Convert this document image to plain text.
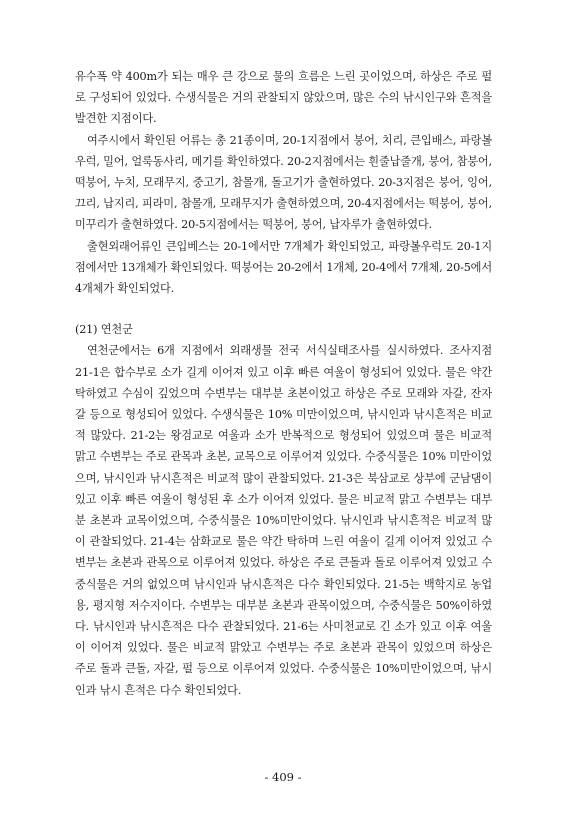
유수폭 약 400m가 되는 매우 큰 강으로 물의 흐름은 느린 곳이었으며, 하상은 주로 펄로 구성되어 있었다. 수생식물은 거의 관찰되지 않았으며, 많은 수의 낚시인구와 흔적을 발견한 지점이다.

여주시에서 확인된 어류는 총 21종이며, 20-1지점에서 붕어, 치리, 큰입배스, 파랑볼우럭, 밀어, 얼룩동사리, 메기를 확인하였다. 20-2지점에서는 흰줄납줄개, 붕어, 참붕어, 떡붕어, 누치, 모래무지, 중고기, 참몰개, 돌고기가 출현하였다. 20-3지점은 붕어, 잉어, 끄리, 납지리, 피라미, 참몰개, 모래무지가 출현하였으며, 20-4지점에서는 떡붕어, 붕어, 미꾸리가 출현하였다. 20-5지점에서는 떡붕어, 붕어, 납자루가 출현하였다.

출현외래어류인 큰입베스는 20-1에서만 7개체가 확인되었고, 파랑볼우럭도 20-1지점에서만 13개체가 확인되었다. 떡붕어는 20-2에서 1개체, 20-4에서 7개체, 20-5에서 4개체가 확인되었다.

(21) 연천군

연천군에서는 6개 지점에서 외래생물 전국 서식실태조사를 실시하였다. 조사지점 21-1은 합수부로 소가 길게 이어져 있고 이후 빠른 여울이 형성되어 있었다. 물은 약간 탁하였고 수심이 깊었으며 수변부는 대부분 초본이었고 하상은 주로 모래와 자갈, 잔자갈 등으로 형성되어 있었다. 수생식물은 10% 미만이었으며, 낚시인과 낚시흔적은 비교적 많았다. 21-2는 왕검교로 여울과 소가 반복적으로 형성되어 있었으며 물은 비교적 맑고 수변부는 주로 관목과 초본, 교목으로 이루어져 있었다. 수중식물은 10% 미만이었으며, 낚시인과 낚시흔적은 비교적 많이 관찰되었다. 21-3은 북삼교로 상부에 군남댐이 있고 이후 빠른 여울이 형성된 후 소가 이어져 있었다. 물은 비교적 맑고 수변부는 대부분 초본과 교목이었으며, 수중식물은 10%미만이었다. 낚시인과 낚시흔적은 비교적 많이 관찰되었다. 21-4는 삼화교로 물은 약간 탁하며 느린 여울이 길게 이어져 있었고 수변부는 초본과 관목으로 이루어져 있었다. 하상은 주로 큰돌과 돌로 이루어져 있었고 수중식물은 거의 없었으며 낚시인과 낚시흔적은 다수 확인되었다. 21-5는 백학지로 농업용, 평지형 저수지이다. 수변부는 대부분 초본과 관목이었으며, 수중식물은 50%이하였다. 낚시인과 낚시흔적은 다수 관찰되었다. 21-6는 사미천교로 긴 소가 있고 이후 여울이 이어져 있었다. 물은 비교적 맑았고 수변부는 주로 초본과 관목이 있었으며 하상은 주로 돌과 큰돌, 자갈, 펄 등으로 이루어져 있었다. 수중식물은 10%미만이었으며, 낚시인과 낚시 흔적은 다수 확인되었다.

- 409 -
